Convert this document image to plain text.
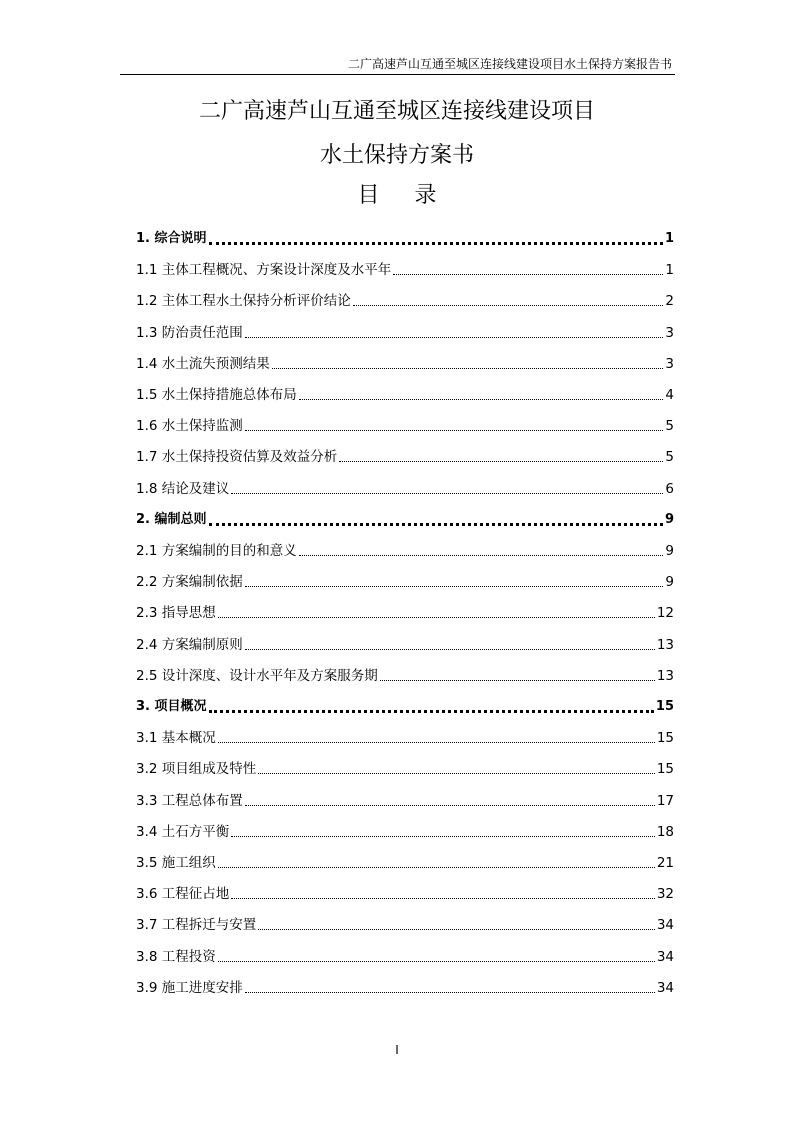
二广高速芦山互通至城区连接线建设项目水土保持方案报告书
二广高速芦山互通至城区连接线建设项目
水土保持方案书
目 录
1. 综合说明	1
1.1 主体工程概况、方案设计深度及水平年	1
1.2 主体工程水土保持分析评价结论	2
1.3 防治责任范围	3
1.4 水土流失预测结果	3
1.5 水土保持措施总体布局	4
1.6 水土保持监测	5
1.7 水土保持投资估算及效益分析	5
1.8 结论及建议	6
2. 编制总则	9
2.1 方案编制的目的和意义	9
2.2 方案编制依据	9
2.3 指导思想	12
2.4 方案编制原则	13
2.5 设计深度、设计水平年及方案服务期	13
3. 项目概况	15
3.1 基本概况	15
3.2 项目组成及特性	15
3.3 工程总体布置	17
3.4 土石方平衡	18
3.5 施工组织	21
3.6 工程征占地	32
3.7 工程拆迁与安置	34
3.8 工程投资	34
3.9 施工进度安排	34
I
